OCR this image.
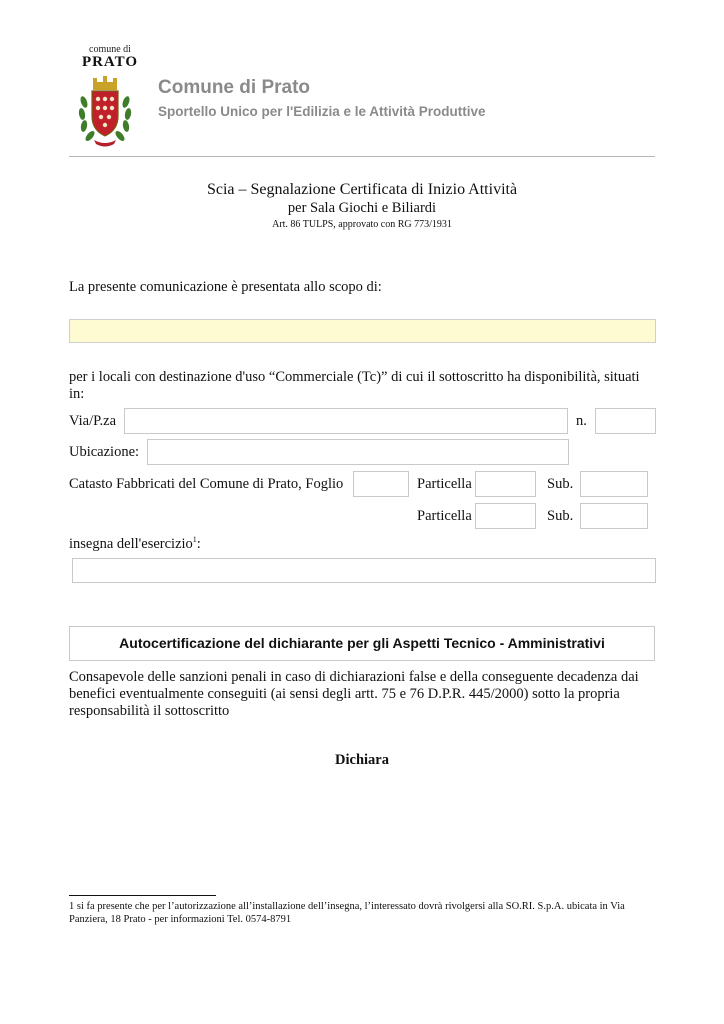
comune di
PRATO
Comune di Prato
Sportello Unico per l'Edilizia e le Attività Produttive
Scia – Segnalazione Certificata di Inizio Attività
per Sala Giochi e Biliardi
Art. 86 TULPS, approvato con RG 773/1931
La presente comunicazione è presentata allo scopo di:
per i locali con destinazione d'uso “Commerciale (Tc)” di cui il sottoscritto ha disponibilità, situati
in:
Via/P.za	n.
Ubicazione:
Catasto Fabbricati del Comune di Prato, Foglio	Particella	Sub.
Particella	Sub.
insegna dell'esercizio$^1$:
Autocertificazione del dichiarante per gli Aspetti Tecnico - Amministrativi
Consapevole delle sanzioni penali in caso di dichiarazioni false e della conseguente decadenza dai
benefici eventualmente conseguiti (ai sensi degli artt. 75 e 76 D.P.R. 445/2000) sotto la propria
responsabilità il sottoscritto
Dichiara
1 si fa presente che per l’autorizzazione all’installazione dell’insegna, l’interessato dovrà rivolgersi alla SO.RI. S.p.A. ubicata in Via
Panziera, 18 Prato - per informazioni Tel. 0574-8791
